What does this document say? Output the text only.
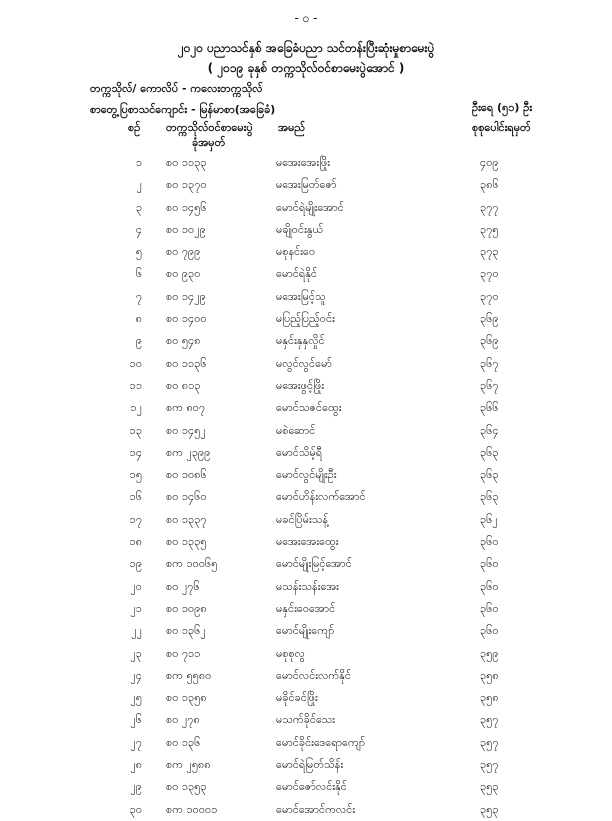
- ၀ -
၂၀၂၀ ပညာသင်နှစ် အခြေခံပညာ သင်တန်းပြီးဆုံးမှုစာမေးပွဲ
( ၂၀၁၉ ခုနှစ် တက္ကသိုလ်ဝင်စာမေးပွဲအောင် )
တက္ကသိုလ်/ ကောလိပ် - ကလေးတက္ကသိုလ်
စာတွေ့ပြစာသင်ကျောင်း - မြန်မာစာ(အခြေခံ)	ဦးရေ (၅၁) ဦး
စဉ် တက္ကသိုလ်ဝင်စာမေးပွဲ
ခုံအမှတ်
အမည်	စုစုပေါင်းရမှတ်
၁ စဝ ၁၁၃၃	မအေးအေးဖြိုး	၄၀၉
၂ စဝ ၁၃၇၀	မအေးမြတ်ဇော်	၃၈၆
၃ စဝ ၁၄၅၆	မောင်ရဲမျိုးအောင်	၃၇၇
၄ စဝ ၁၀၂၉	မချိုဝင်းနွယ်	၃၇၅
၅ စဝ ၇၉၉	မစုနင်းဝေ	၃၇၃
၆ စဝ ၉၃၀	မောင်ရဲနိုင်	၃၇၀
၇ စဝ ၁၄၂၉	မအေးမြင့်သူ	၃၇၀
၈ စဝ ၁၄၀၀	မပြည့်ပြည့်ဝင်း	၃၆၉
၉ စဝ ၅၄၈	မနှင်းနှနှလှိုင်	၃၆၉
၁၀ စဝ ၁၁၃၆	မလွင်လွင်မော်	၃၆၇
၁၁ စဝ ၈၁၃	မအေးဖွင့်ဖြိုး	၃၆၇
၁၂ စက ၈၀၇	မောင်သဇင်ထွေး	၃၆၆
၁၃ စဝ ၁၄၅၂	မစဲဆောင်	၃၆၄
၁၄ စက ၂၃၉၉	မောင်သိမ့်ရီ	၃၆၃
၁၅ စဝ ၁၀၈၆	မောင်လွင်မျိုးဦး	၃၆၃
၁၆ စဝ ၁၄၆၀	မောင်ဟိန်းလက်အောင်	၃၆၃
၁၇ စဝ ၁၃၃၇	မခင်ပြိမ်းသန့်	၃၆၂
၁၈ စဝ ၁၃၃၅	မအေးအေးထွေး	၃၆၀
၁၉ စက ၁၀၀၆၅	မောင်မျိုးမြင့်အောင်	၃၆၀
၂၀ စဝ ၂၇၆	မသန်းသန်းအေး	၃၆၀
၂၁ စဝ ၁၀၉၈	မနှင်းဝေအောင်	၃၆၀
၂၂ စဝ ၁၃၆၂	မောင်မျိုးကျော်	၃၆၀
၂၃ စဝ ၇၁၁	မစုစုလွ	၃၅၉
၂၄ စက ၅၅၈၀	မောင်လင်းလက်နိုင်	၃၅၈
၂၅ စဝ ၁၃၅၈	မခိုင်ခင်ဖြိုး	၃၅၈
၂၆ စဝ ၂၇၈	မသက်ခိုင်သေး	၃၅၇
၂၇ စဝ ၁၃၆	မောင်ခိုင်းဒေရောကျော်	၃၅၇
၂၈ စက ၂၅၈၈	မောင်ရဲမြတ်သိန်း	၃၅၇
၂၉ စဝ ၁၃၅၃	မောင်ဇော်လင်းနိုင်	၃၅၃
၃၀ စက ၁၀၀၀၁	မောင်အောင်ကလင်း	၃၅၃
